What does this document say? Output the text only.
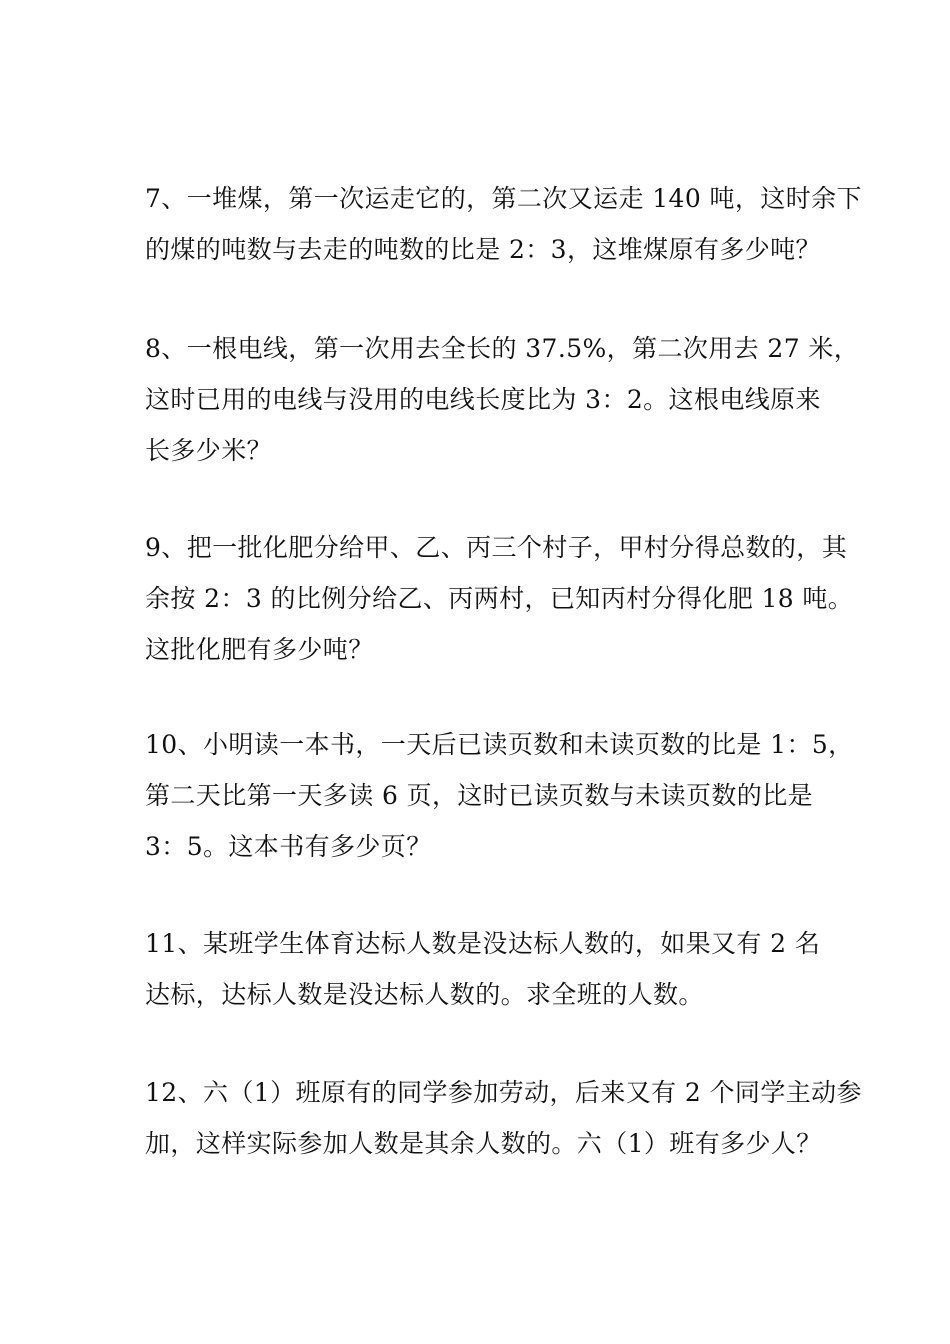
7、一堆煤，第一次运走它的，第二次又运走 140 吨，这时余下
的煤的吨数与去走的吨数的比是 2：3，这堆煤原有多少吨？
8、一根电线，第一次用去全长的 37.5%，第二次用去 27 米，
这时已用的电线与没用的电线长度比为 3：2。这根电线原来
长多少米？
9、把一批化肥分给甲、乙、丙三个村子，甲村分得总数的，其
余按 2：3 的比例分给乙、丙两村，已知丙村分得化肥 18 吨。
这批化肥有多少吨？
10、小明读一本书，一天后已读页数和未读页数的比是 1：5，
第二天比第一天多读 6 页，这时已读页数与未读页数的比是
3：5。这本书有多少页？
11、某班学生体育达标人数是没达标人数的，如果又有 2 名
达标，达标人数是没达标人数的。求全班的人数。
12、六（1）班原有的同学参加劳动，后来又有 2 个同学主动参
加，这样实际参加人数是其余人数的。六（1）班有多少人？
